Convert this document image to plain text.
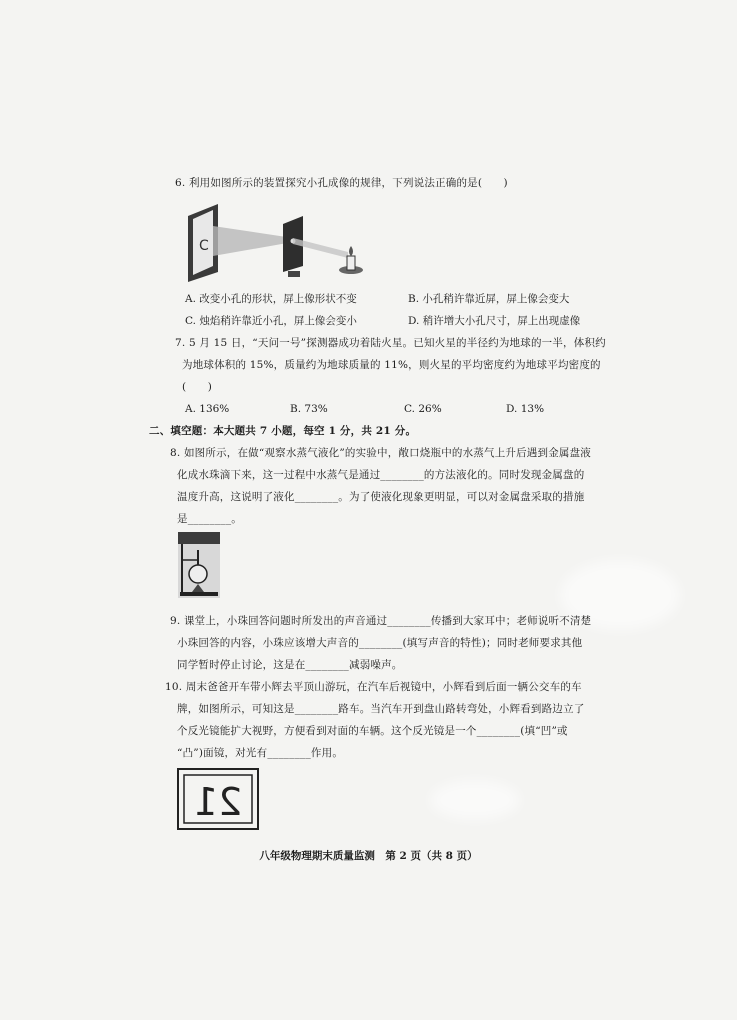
6. 利用如图所示的装置探究小孔成像的规律，下列说法正确的是(　　)
C
A. 改变小孔的形状，屏上像形状不变	B. 小孔稍许靠近屏，屏上像会变大
C. 烛焰稍许靠近小孔，屏上像会变小	D. 稍许增大小孔尺寸，屏上出现虚像
7. 5 月 15 日，“天问一号”探测器成功着陆火星。已知火星的半径约为地球的一半，体积约
为地球体积的 15%，质量约为地球质量的 11%，则火星的平均密度约为地球平均密度的
(　　)
A. 136%	B. 73%	C. 26%	D. 13%
二、填空题：本大题共 7 小题，每空 1 分，共 21 分。
8. 如图所示，在做“观察水蒸气液化”的实验中，敞口烧瓶中的水蒸气上升后遇到金属盘液
化成水珠滴下来，这一过程中水蒸气是通过________的方法液化的。同时发现金属盘的
温度升高，这说明了液化________。为了使液化现象更明显，可以对金属盘采取的措施
是________。
9. 课堂上，小珠回答问题时所发出的声音通过________传播到大家耳中；老师说听不清楚
小珠回答的内容，小珠应该增大声音的________(填写声音的特性)；同时老师要求其他
同学暂时停止讨论，这是在________减弱噪声。
10. 周末爸爸开车带小辉去平顶山游玩，在汽车后视镜中，小辉看到后面一辆公交车的车
牌，如图所示，可知这是________路车。当汽车开到盘山路转弯处，小辉看到路边立了
个反光镜能扩大视野，方便看到对面的车辆。这个反光镜是一个________(填“凹”或
“凸”)面镜，对光有________作用。
21
八年级物理期末质量监测　第 2 页（共 8 页）
